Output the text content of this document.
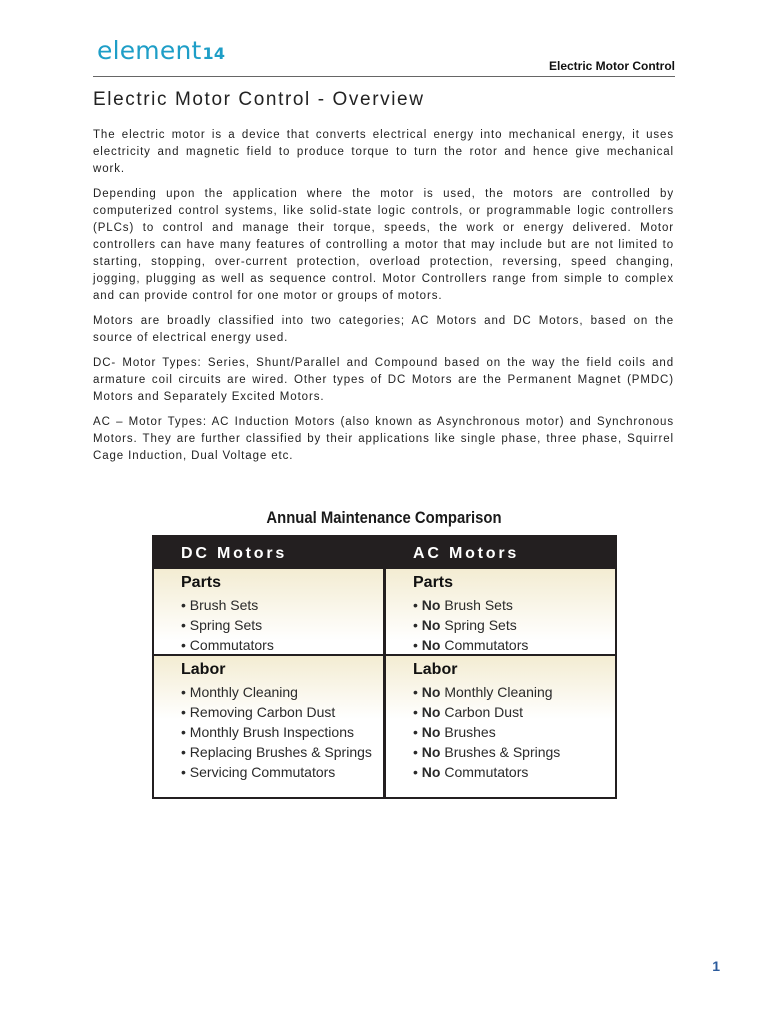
element14
Electric Motor Control
Electric Motor Control - Overview

The electric motor is a device that converts electrical energy into mechanical energy, it uses electricity and magnetic field to produce torque to turn the rotor and hence give mechanical work.

Depending upon the application where the motor is used, the motors are controlled by computerized control systems, like solid-state logic controls, or programmable logic controllers (PLCs) to control and manage their torque, speeds, the work or energy delivered. Motor controllers can have many features of controlling a motor that may include but are not limited to starting, stopping, over-current protection, overload protection, reversing, speed changing, jogging, plugging as well as sequence control. Motor Controllers range from simple to complex and can provide control for one motor or groups of motors.

Motors are broadly classified into two categories; AC Motors and DC Motors, based on the source of electrical energy used.

DC- Motor Types: Series, Shunt/Parallel and Compound based on the way the field coils and armature coil circuits are wired. Other types of DC Motors are the Permanent Magnet (PMDC) Motors and Separately Excited Motors.

AC – Motor Types: AC Induction Motors (also known as Asynchronous motor) and Synchronous Motors. They are further classified by their applications like single phase, three phase, Squirrel Cage Induction, Dual Voltage etc.

Annual Maintenance Comparison
DC Motors
Parts
• Brush Sets
• Spring Sets
• Commutators
Labor
• Monthly Cleaning
• Removing Carbon Dust
• Monthly Brush Inspections
• Replacing Brushes & Springs
• Servicing Commutators
AC Motors
Parts
• No Brush Sets
• No Spring Sets
• No Commutators
Labor
• No Monthly Cleaning
• No Carbon Dust
• No Brushes
• No Brushes & Springs
• No Commutators
1
